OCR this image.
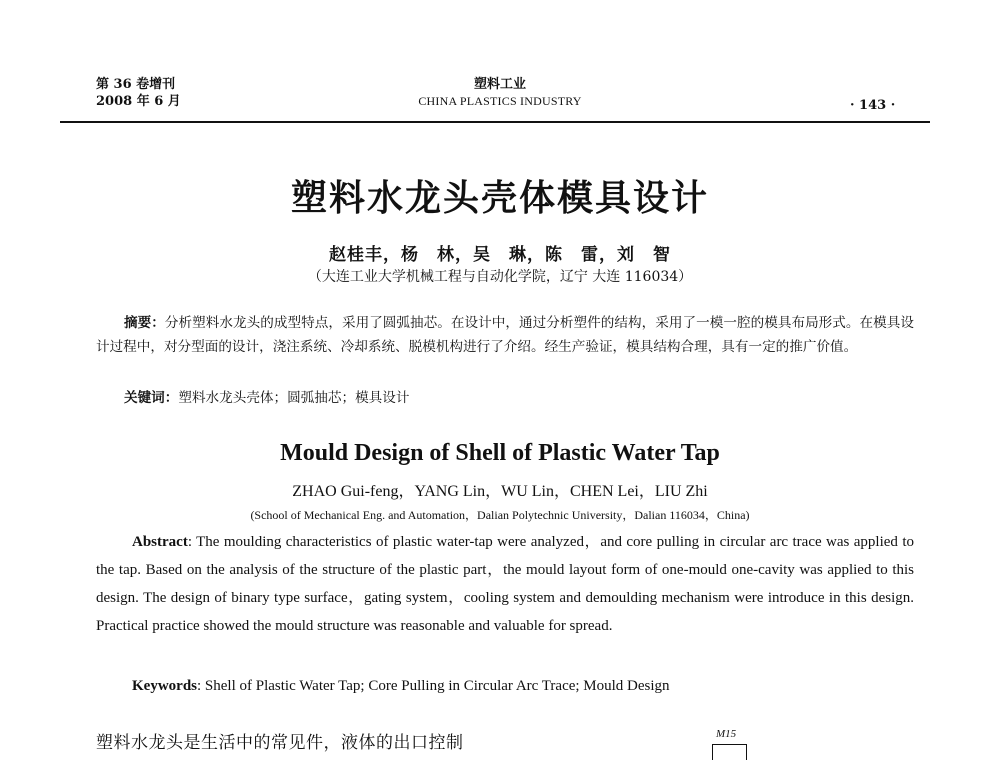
第 36 卷增刊
2008 年 6 月
塑料工业
CHINA PLASTICS INDUSTRY	· 143 ·
塑料水龙头壳体模具设计
赵桂丰，杨　林，吴　琳，陈　雷，刘　智
（大连工业大学机械工程与自动化学院，辽宁 大连 116034）
摘要：分析塑料水龙头的成型特点，采用了圆弧抽芯。在设计中，通过分析塑件的结构，采用了一模一腔的模具布局形式。在模具设计过程中，对分型面的设计，浇注系统、冷却系统、脱模机构进行了介绍。经生产验证，模具结构合理，具有一定的推广价值。
关键词：塑料水龙头壳体；圆弧抽芯；模具设计
Mould Design of Shell of Plastic Water Tap
ZHAO Gui-feng，YANG Lin，WU Lin，CHEN Lei，LIU Zhi
(School of Mechanical Eng. and Automation，Dalian Polytechnic University，Dalian 116034，China)
Abstract: The moulding characteristics of plastic water-tap were analyzed，and core pulling in circular arc trace was applied to the tap. Based on the analysis of the structure of the plastic part，the mould layout form of one-mould one-cavity was applied to this design. The design of binary type surface，gating system，cooling system and demoulding mechanism were introduce in this design. Practical practice showed the mould structure was reasonable and valuable for spread.
Keywords: Shell of Plastic Water Tap; Core Pulling in Circular Arc Trace; Mould Design
塑料水龙头是生活中的常见件，液体的出口控制	M15
